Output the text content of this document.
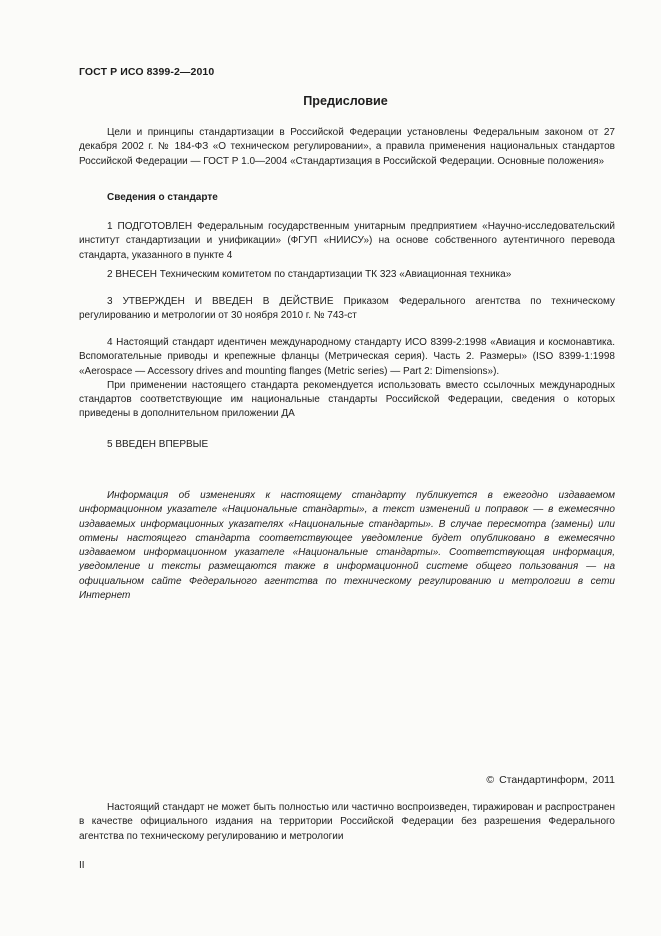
ГОСТ Р ИСО 8399-2—2010
Предисловие

Цели и принципы стандартизации в Российской Федерации установлены Федеральным законом от 27 декабря 2002 г. № 184-ФЗ «О техническом регулировании», а правила применения национальных стандартов Российской Федерации — ГОСТ Р 1.0—2004 «Стандартизация в Российской Федерации. Основные положения»

Сведения о стандарте

1 ПОДГОТОВЛЕН Федеральным государственным унитарным предприятием «Научно-исследовательский институт стандартизации и унификации» (ФГУП «НИИСУ») на основе собственного аутентичного перевода стандарта, указанного в пункте 4

2 ВНЕСЕН Техническим комитетом по стандартизации ТК 323 «Авиационная техника»

3 УТВЕРЖДЕН И ВВЕДЕН В ДЕЙСТВИЕ Приказом Федерального агентства по техническому регулированию и метрологии от 30 ноября 2010 г. № 743-ст

4 Настоящий стандарт идентичен международному стандарту ИСО 8399-2:1998 «Авиация и космонавтика. Вспомогательные приводы и крепежные фланцы (Метрическая серия). Часть 2. Размеры» (ISO 8399-1:1998 «Aerospace — Accessory drives and mounting flanges (Metric series) — Part 2: Dimensions»).

При применении настоящего стандарта рекомендуется использовать вместо ссылочных международных стандартов соответствующие им национальные стандарты Российской Федерации, сведения о которых приведены в дополнительном приложении ДА

5 ВВЕДЕН ВПЕРВЫЕ

Информация об изменениях к настоящему стандарту публикуется в ежегодно издаваемом информационном указателе «Национальные стандарты», а текст изменений и поправок — в ежемесячно издаваемых информационных указателях «Национальные стандарты». В случае пересмотра (замены) или отмены настоящего стандарта соответствующее уведомление будет опубликовано в ежемесячно издаваемом информационном указателе «Национальные стандарты». Соответствующая информация, уведомление и тексты размещаются также в информационной системе общего пользования — на официальном сайте Федерального агентства по техническому регулированию и метрологии в сети Интернет

© Стандартинформ, 2011

Настоящий стандарт не может быть полностью или частично воспроизведен, тиражирован и распространен в качестве официального издания на территории Российской Федерации без разрешения Федерального агентства по техническому регулированию и метрологии

II
